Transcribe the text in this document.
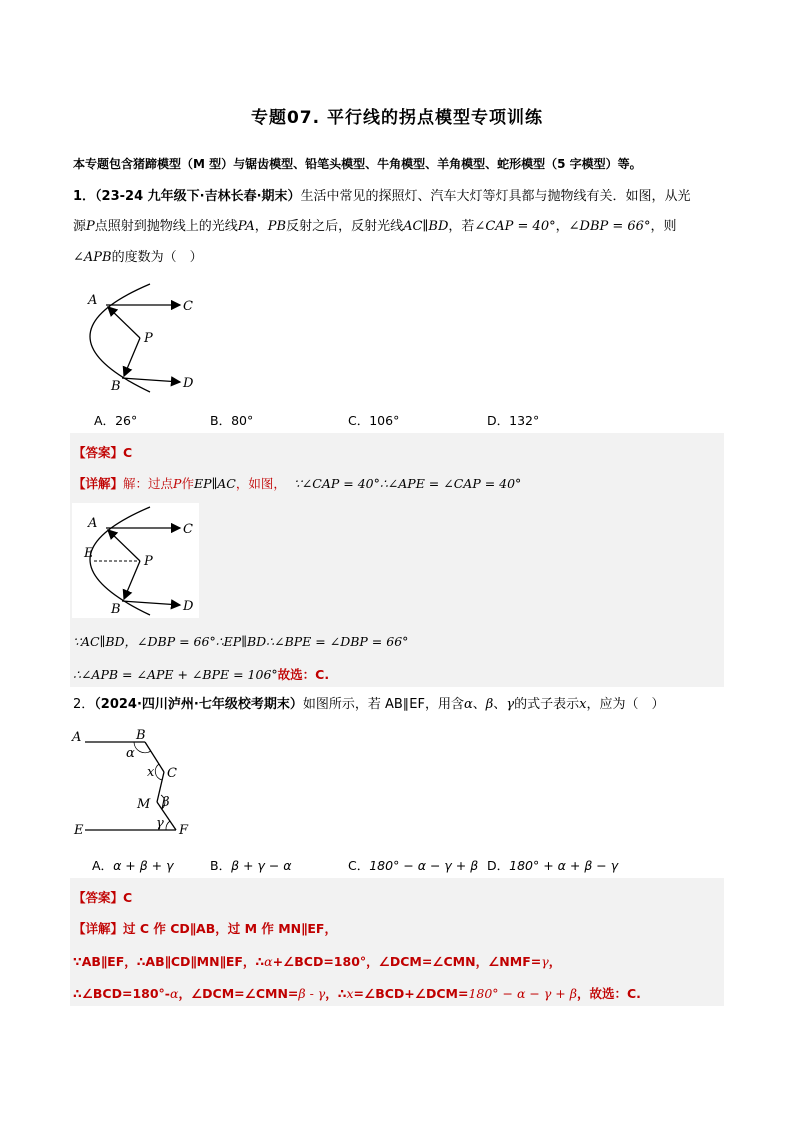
专题07. 平行线的拐点模型专项训练
本专题包含猪蹄模型（M 型）与锯齿模型、铅笔头模型、牛角模型、羊角模型、蛇形模型（5 字模型）等。
1．（23-24 九年级下·吉林长春·期末）生活中常见的探照灯、汽车大灯等灯具都与抛物线有关．如图，从光
源P点照射到抛物线上的光线PA，PB反射之后，反射光线AC∥BD，若∠CAP = 40°，∠DBP = 66°，则
∠APB的度数为（　）
A	C
P
B	D
A．26°	B．80°	C．106°	D．132°
【答案】C
【详解】解：过点P作EP∥AC，如图， ∵∠CAP = 40°∴∠APE = ∠CAP = 40°
A	C
E
P
B	D
∵AC∥BD，∠DBP = 66°∴EP∥BD∴∠BPE = ∠DBP = 66°
∴∠APB = ∠APE + ∠BPE = 106°故选：C.
2．（2024·四川泸州·七年级校考期末）如图所示，若 AB∥EF，用含α、β、γ的式子表示x，应为（　）
A	B
α
x C
M β
γ
E	F
A．α + β + γ	B．β + γ − α	C．180° − α − γ + β D．180° + α + β − γ
【答案】C
【详解】过 C 作 CD∥AB，过 M 作 MN∥EF，
∵AB∥EF，∴AB∥CD∥MN∥EF，∴α+∠BCD=180°，∠DCM=∠CMN，∠NMF=γ，
∴∠BCD=180°-α，∠DCM=∠CMN=β - γ，∴x=∠BCD+∠DCM=180° − α − γ + β，故选：C.
